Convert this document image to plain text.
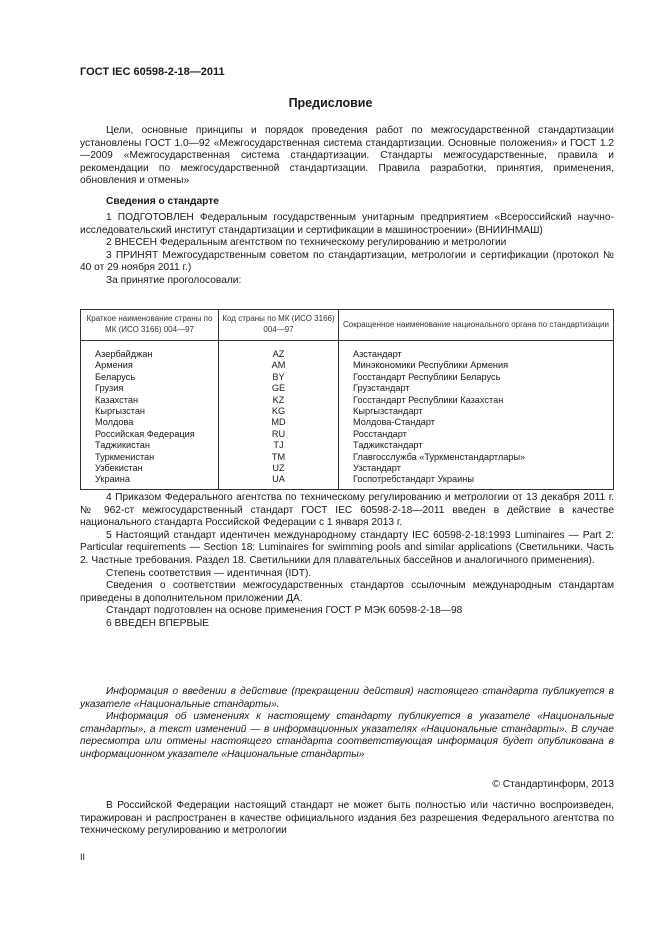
ГОСТ IEC 60598-2-18—2011
Предисловие

Цели, основные принципы и порядок проведения работ по межгосударственной стандартизации установлены ГОСТ 1.0—92 «Межгосударственная система стандартизации. Основные положения» и ГОСТ 1.2—2009 «Межгосударственная система стандартизации. Стандарты межгосударственные, правила и рекомендации по межгосударственной стандартизации. Правила разработки, принятия, применения, обновления и отмены»

Сведения о стандарте

1 ПОДГОТОВЛЕН Федеральным государственным унитарным предприятием «Всероссийский научно-исследовательский институт стандартизации и сертификации в машиностроении» (ВНИИНМАШ)

2 ВНЕСЕН Федеральным агентством по техническому регулированию и метрологии

3 ПРИНЯТ Межгосударственным советом по стандартизации, метрологии и сертификации (протокол № 40 от 29 ноября 2011 г.)

За принятие проголосовали:

Краткое наименование страны по МК (ИСО 3166) 004—97	Код страны по МК (ИСО 3166) 004—97	Сокращенное наименование национального органа по стандартизации
Азербайджан	AZ	Азстандарт
Армения	AM	Минэкономики Республики Армения
Беларусь	BY	Госстандарт Республики Беларусь
Грузия	GE	Грузстандарт
Казахстан	KZ	Госстандарт Республики Казахстан
Кыргызстан	KG	Кыргызстандарт
Молдова	MD	Молдова-Стандарт
Российская Федерация	RU	Росстандарт
Таджикистан	TJ	Таджикстандарт
Туркменистан	TM	Главгосслужба «Туркменстандартлары»
Узбекистан	UZ	Узстандарт
Украина	UA	Госпотребстандарт Украины

4 Приказом Федерального агентства по техническому регулированию и метрологии от 13 декабря 2011 г. № 962-ст межгосударственный стандарт ГОСТ IEC 60598-2-18—2011 введен в действие в качестве национального стандарта Российской Федерации с 1 января 2013 г.

5 Настоящий стандарт идентичен международному стандарту IEC 60598-2-18:1993 Luminaires — Part 2: Particular requirements — Section 18: Luminaires for swimming pools and similar applications (Светильники. Часть 2. Частные требования. Раздел 18. Светильники для плавательных бассейнов и аналогичного применения).

Степень соответствия — идентичная (IDT).

Сведения о соответствии межгосударственных стандартов ссылочным международным стандартам приведены в дополнительном приложении ДА.

Стандарт подготовлен на основе применения ГОСТ Р МЭК 60598-2-18—98

6 ВВЕДЕН ВПЕРВЫЕ

Информация о введении в действие (прекращении действия) настоящего стандарта публикуется в указателе «Национальные стандарты».

Информация об изменениях к настоящему стандарту публикуется в указателе «Национальные стандарты», а текст изменений — в информационных указателях «Национальные стандарты». В случае пересмотра или отмены настоящего стандарта соответствующая информация будет опубликована в информационном указателе «Национальные стандарты»

© Стандартинформ, 2013

В Российской Федерации настоящий стандарт не может быть полностью или частично воспроизведен, тиражирован и распространен в качестве официального издания без разрешения Федерального агентства по техническому регулированию и метрологии

II
